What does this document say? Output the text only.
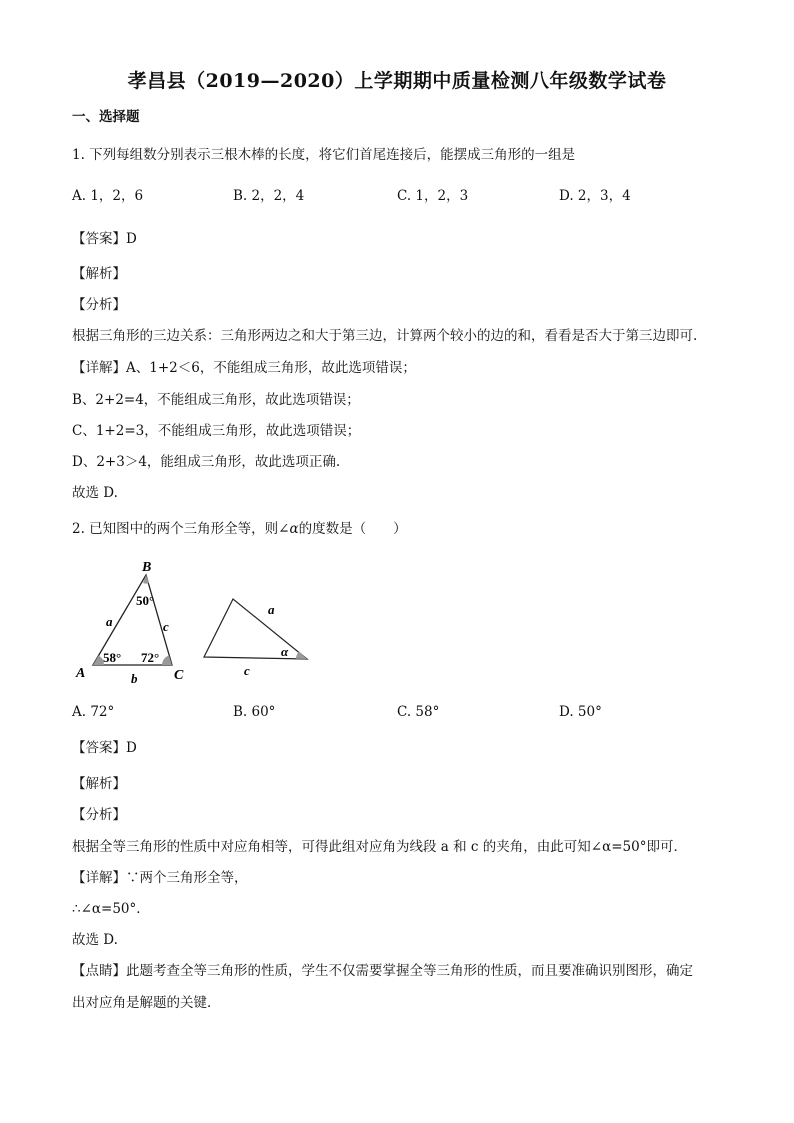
孝昌县（2019—2020）上学期期中质量检测八年级数学试卷
一、选择题
1. 下列每组数分别表示三根木棒的长度，将它们首尾连接后，能摆成三角形的一组是
A. 1，2，6	B. 2，2，4	C. 1，2，3	D. 2，3，4
【答案】D
【解析】
【分析】
根据三角形的三边关系：三角形两边之和大于第三边，计算两个较小的边的和，看看是否大于第三边即可.
【详解】A、1+2＜6，不能组成三角形，故此选项错误；
B、2+2=4，不能组成三角形，故此选项错误；
C、1+2=3，不能组成三角形，故此选项错误；
D、2+3＞4，能组成三角形，故此选项正确.
故选 D.
2. 已知图中的两个三角形全等，则∠α的度数是（　　）
B
A	C
a	c
b
50°
58° 72°
a
c
α
A. 72°	B. 60°	C. 58°	D. 50°
【答案】D
【解析】
【分析】
根据全等三角形的性质中对应角相等，可得此组对应角为线段 a 和 c 的夹角，由此可知∠α=50°即可．
【详解】∵两个三角形全等，
∴∠α=50°．
故选 D.
【点睛】此题考查全等三角形的性质，学生不仅需要掌握全等三角形的性质，而且要准确识别图形，确定
出对应角是解题的关键．
